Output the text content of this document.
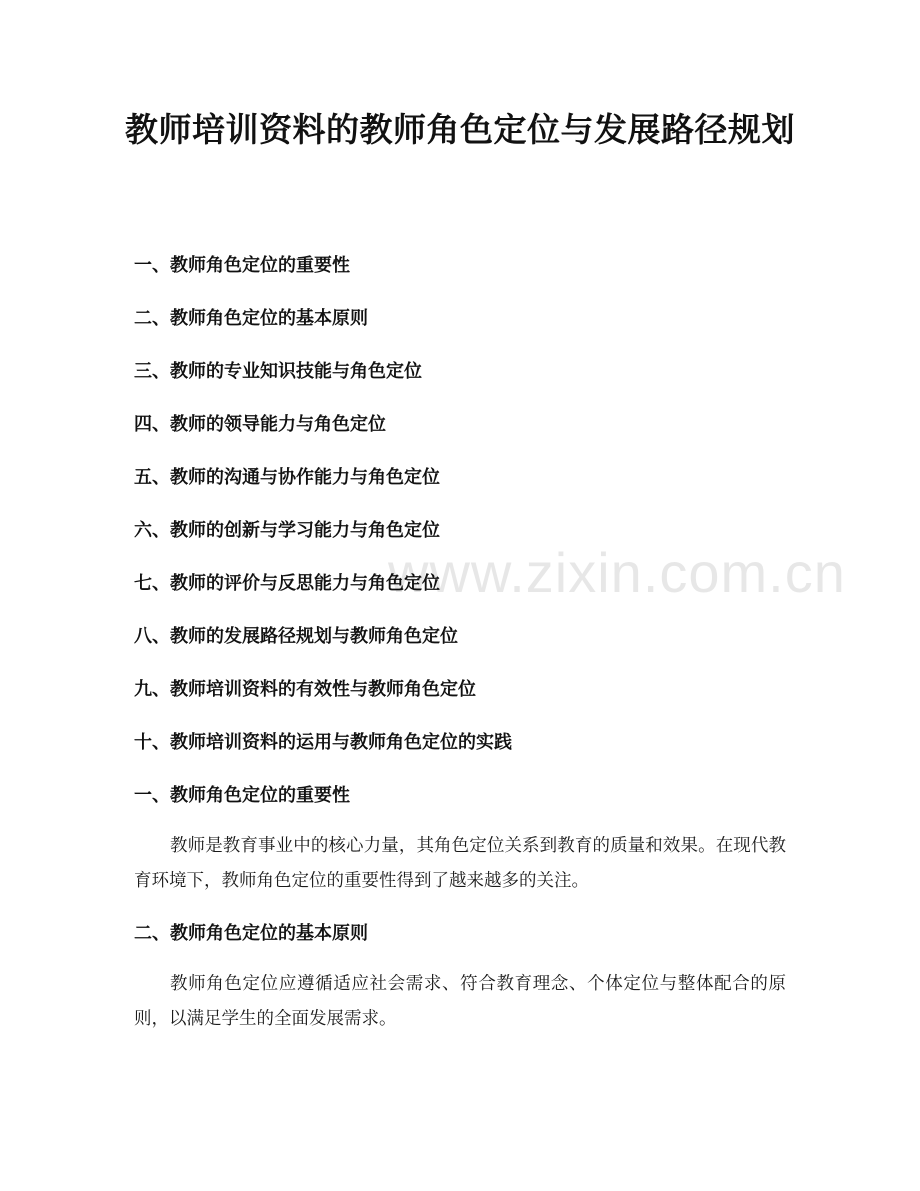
教师培训资料的教师角色定位与发展路径规划
一、教师角色定位的重要性
二、教师角色定位的基本原则
三、教师的专业知识技能与角色定位
四、教师的领导能力与角色定位
五、教师的沟通与协作能力与角色定位
六、教师的创新与学习能力与角色定位
七、教师的评价与反思能力与角色定位
八、教师的发展路径规划与教师角色定位
九、教师培训资料的有效性与教师角色定位
十、教师培训资料的运用与教师角色定位的实践
一、教师角色定位的重要性
教师是教育事业中的核心力量，其角色定位关系到教育的质量和效果。在现代教育环境下，教师角色定位的重要性得到了越来越多的关注。
二、教师角色定位的基本原则
教师角色定位应遵循适应社会需求、符合教育理念、个体定位与整体配合的原则，以满足学生的全面发展需求。
www.zixin.com.cn
